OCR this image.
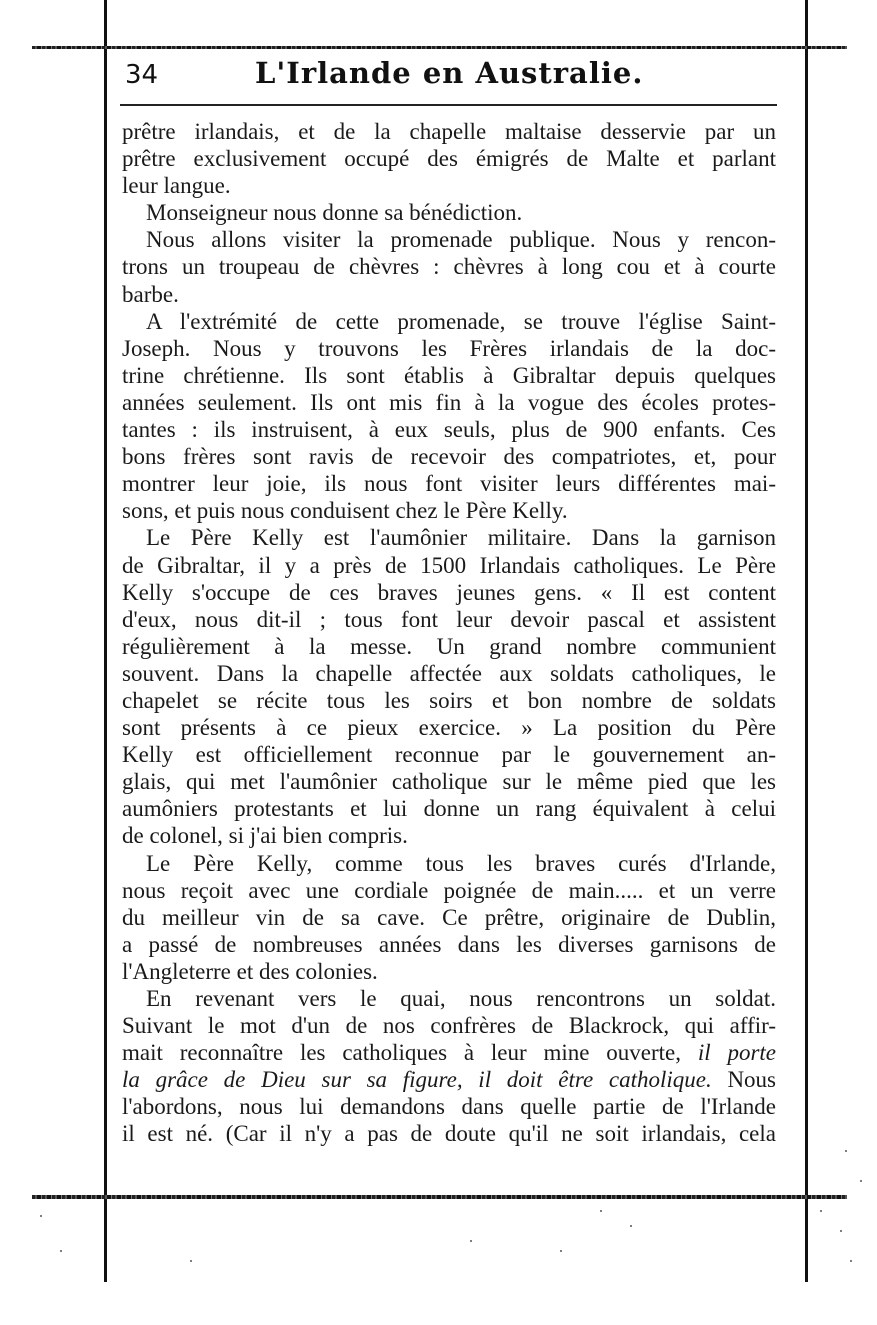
34	L'Irlande en Australie.
prêtre irlandais, et de la chapelle maltaise desservie par un
prêtre exclusivement occupé des émigrés de Malte et parlant
leur langue.
Monseigneur nous donne sa bénédiction.
Nous allons visiter la promenade publique. Nous y rencon-
trons un troupeau de chèvres : chèvres à long cou et à courte
barbe.
A l'extrémité de cette promenade, se trouve l'église Saint-
Joseph. Nous y trouvons les Frères irlandais de la doc-
trine chrétienne. Ils sont établis à Gibraltar depuis quelques
années seulement. Ils ont mis fin à la vogue des écoles protes-
tantes : ils instruisent, à eux seuls, plus de 900 enfants. Ces
bons frères sont ravis de recevoir des compatriotes, et, pour
montrer leur joie, ils nous font visiter leurs différentes mai-
sons, et puis nous conduisent chez le Père Kelly.
Le Père Kelly est l'aumônier militaire. Dans la garnison
de Gibraltar, il y a près de 1500 Irlandais catholiques. Le Père
Kelly s'occupe de ces braves jeunes gens. « Il est content
d'eux, nous dit-il ; tous font leur devoir pascal et assistent
régulièrement à la messe. Un grand nombre communient
souvent. Dans la chapelle affectée aux soldats catholiques, le
chapelet se récite tous les soirs et bon nombre de soldats
sont présents à ce pieux exercice. » La position du Père
Kelly est officiellement reconnue par le gouvernement an-
glais, qui met l'aumônier catholique sur le même pied que les
aumôniers protestants et lui donne un rang équivalent à celui
de colonel, si j'ai bien compris.
Le Père Kelly, comme tous les braves curés d'Irlande,
nous reçoit avec une cordiale poignée de main..... et un verre
du meilleur vin de sa cave. Ce prêtre, originaire de Dublin,
a passé de nombreuses années dans les diverses garnisons de
l'Angleterre et des colonies.
En revenant vers le quai, nous rencontrons un soldat.
Suivant le mot d'un de nos confrères de Blackrock, qui affir-
mait reconnaître les catholiques à leur mine ouverte, il porte
la grâce de Dieu sur sa figure, il doit être catholique. Nous
l'abordons, nous lui demandons dans quelle partie de l'Irlande
il est né. (Car il n'y a pas de doute qu'il ne soit irlandais, cela
